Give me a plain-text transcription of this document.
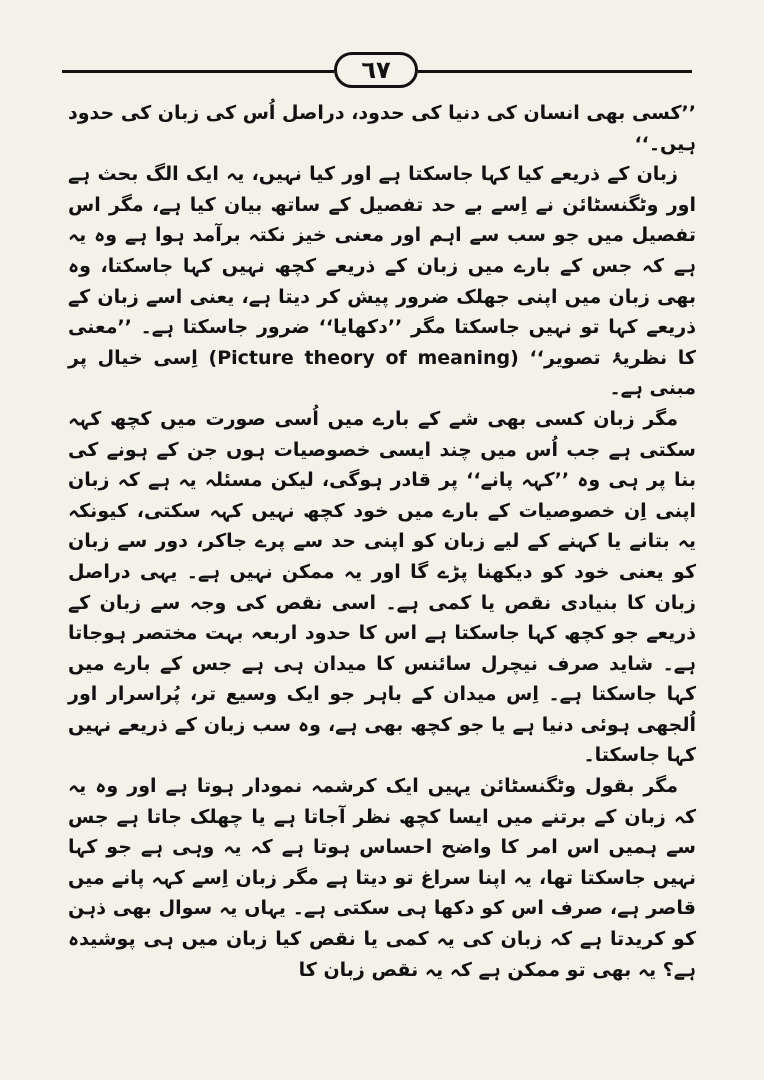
٦٧

’’کسی بھی انسان کی دنیا کی حدود، دراصل اُس کی زبان کی حدود ہیں۔‘‘

زبان کے ذریعے کیا کہا جاسکتا ہے اور کیا نہیں، یہ ایک الگ بحث ہے اور وٹگنسٹائن نے اِسے بے حد تفصیل کے ساتھ بیان کیا ہے، مگر اس تفصیل میں جو سب سے اہم اور معنی خیز نکتہ برآمد ہوا ہے وہ یہ ہے کہ جس کے بارے میں زبان کے ذریعے کچھ نہیں کہا جاسکتا، وہ بھی زبان میں اپنی جھلک ضرور پیش کر دیتا ہے، یعنی اسے زبان کے ذریعے کہا تو نہیں جاسکتا مگر ’’دکھایا‘‘ ضرور جاسکتا ہے۔ ’’معنی کا نظریۂ تصویر‘‘ (Picture theory of meaning) اِسی خیال پر مبنی ہے۔

مگر زبان کسی بھی شے کے بارے میں اُسی صورت میں کچھ کہہ سکتی ہے جب اُس میں چند ایسی خصوصیات ہوں جن کے ہونے کی بنا پر ہی وہ ’’کہہ پانے‘‘ پر قادر ہوگی، لیکن مسئلہ یہ ہے کہ زبان اپنی اِن خصوصیات کے بارے میں خود کچھ نہیں کہہ سکتی، کیونکہ یہ بتانے یا کہنے کے لیے زبان کو اپنی حد سے پرے جاکر، دور سے زبان کو یعنی خود کو دیکھنا پڑے گا اور یہ ممکن نہیں ہے۔ یہی دراصل زبان کا بنیادی نقص یا کمی ہے۔ اسی نقص کی وجہ سے زبان کے ذریعے جو کچھ کہا جاسکتا ہے اس کا حدود اربعہ بہت مختصر ہوجاتا ہے۔ شاید صرف نیچرل سائنس کا میدان ہی ہے جس کے بارے میں کہا جاسکتا ہے۔ اِس میدان کے باہر جو ایک وسیع تر، پُراسرار اور اُلجھی ہوئی دنیا ہے یا جو کچھ بھی ہے، وہ سب زبان کے ذریعے نہیں کہا جاسکتا۔

مگر بقول وٹگنسٹائن یہیں ایک کرشمہ نمودار ہوتا ہے اور وہ یہ کہ زبان کے برتنے میں ایسا کچھ نظر آجاتا ہے یا چھلک جاتا ہے جس سے ہمیں اس امر کا واضح احساس ہوتا ہے کہ یہ وہی ہے جو کہا نہیں جاسکتا تھا، یہ اپنا سراغ تو دیتا ہے مگر زبان اِسے کہہ پانے میں قاصر ہے، صرف اس کو دکھا ہی سکتی ہے۔ یہاں یہ سوال بھی ذہن کو کریدتا ہے کہ زبان کی یہ کمی یا نقص کیا زبان میں ہی پوشیدہ ہے؟ یہ بھی تو ممکن ہے کہ یہ نقص زبان کا
